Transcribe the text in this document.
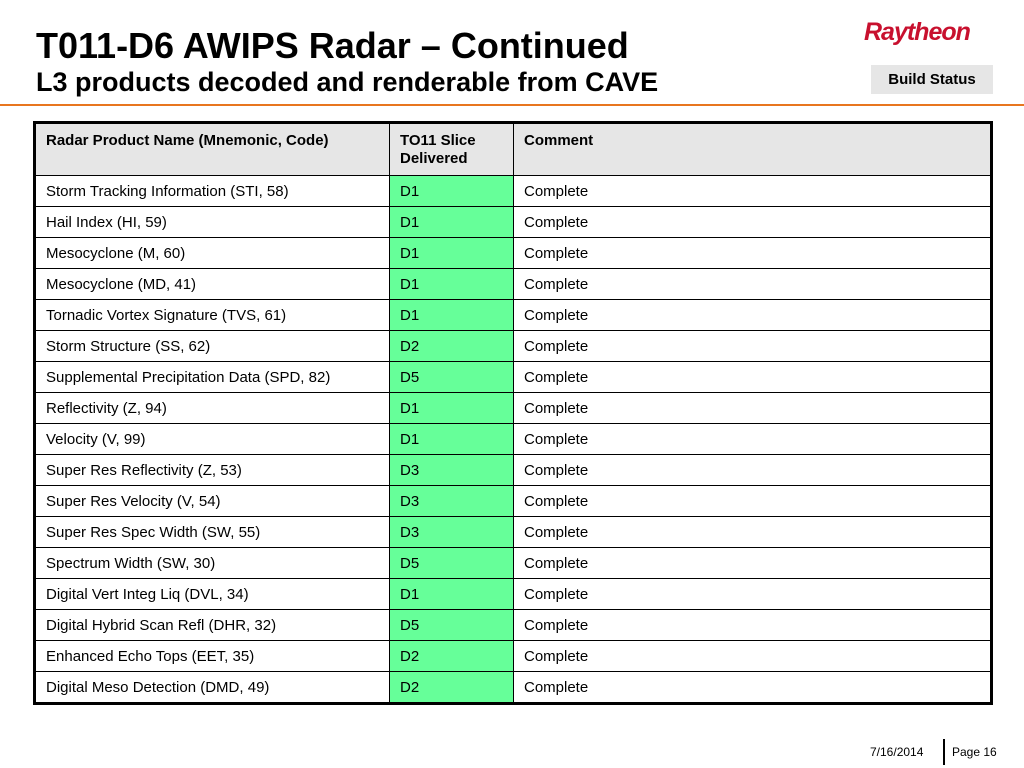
T011-D6 AWIPS Radar – Continued
L3 products decoded and renderable from CAVE
Raytheon
Build Status
Radar Product Name (Mnemonic, Code)	TO11 Slice Delivered	Comment
Storm Tracking Information (STI, 58)	D1	Complete
Hail Index (HI, 59)	D1	Complete
Mesocyclone (M, 60)	D1	Complete
Mesocyclone (MD, 41)	D1	Complete
Tornadic Vortex Signature (TVS, 61)	D1	Complete
Storm Structure (SS, 62)	D2	Complete
Supplemental Precipitation Data (SPD, 82)	D5	Complete
Reflectivity (Z, 94)	D1	Complete
Velocity (V, 99)	D1	Complete
Super Res Reflectivity (Z, 53)	D3	Complete
Super Res Velocity (V, 54)	D3	Complete
Super Res Spec Width (SW, 55)	D3	Complete
Spectrum Width (SW, 30)	D5	Complete
Digital Vert Integ Liq (DVL, 34)	D1	Complete
Digital Hybrid Scan Refl (DHR, 32)	D5	Complete
Enhanced Echo Tops (EET, 35)	D2	Complete
Digital Meso Detection (DMD, 49)	D2	Complete
7/16/2014 Page 16
